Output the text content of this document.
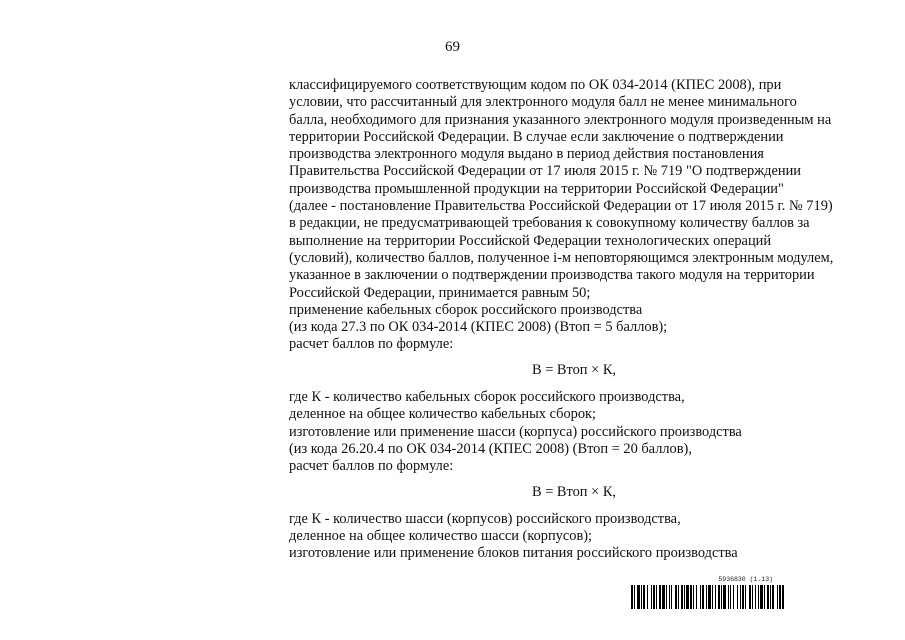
69
классифицируемого соответствующим кодом по ОК 034-2014 (КПЕС 2008), при
условии, что рассчитанный для электронного модуля балл не менее минимального
балла, необходимого для признания указанного электронного модуля произведенным на
территории Российской Федерации. В случае если заключение о подтверждении
производства электронного модуля выдано в период действия постановления
Правительства Российской Федерации от 17 июля 2015 г. № 719 "О подтверждении
производства промышленной продукции на территории Российской Федерации"
(далее - постановление Правительства Российской Федерации от 17 июля 2015 г. № 719)
в редакции, не предусматривающей требования к совокупному количеству баллов за
выполнение на территории Российской Федерации технологических операций
(условий), количество баллов, полученное i-м неповторяющимся электронным модулем,
указанное в заключении о подтверждении производства такого модуля на территории
Российской Федерации, принимается равным 50;
применение кабельных сборок российского производства
(из кода 27.3 по ОК 034-2014 (КПЕС 2008) (Втоп = 5 баллов);
расчет баллов по формуле:
В = Втоп × К,
где К - количество кабельных сборок российского производства,
деленное на общее количество кабельных сборок;
изготовление или применение шасси (корпуса) российского производства
(из кода 26.20.4 по ОК 034-2014 (КПЕС 2008) (Втоп = 20 баллов),
расчет баллов по формуле:
В = Втоп × К,
где К - количество шасси (корпусов) российского производства,
деленное на общее количество шасси (корпусов);
изготовление или применение блоков питания российского производства
5936830 (1.13)
